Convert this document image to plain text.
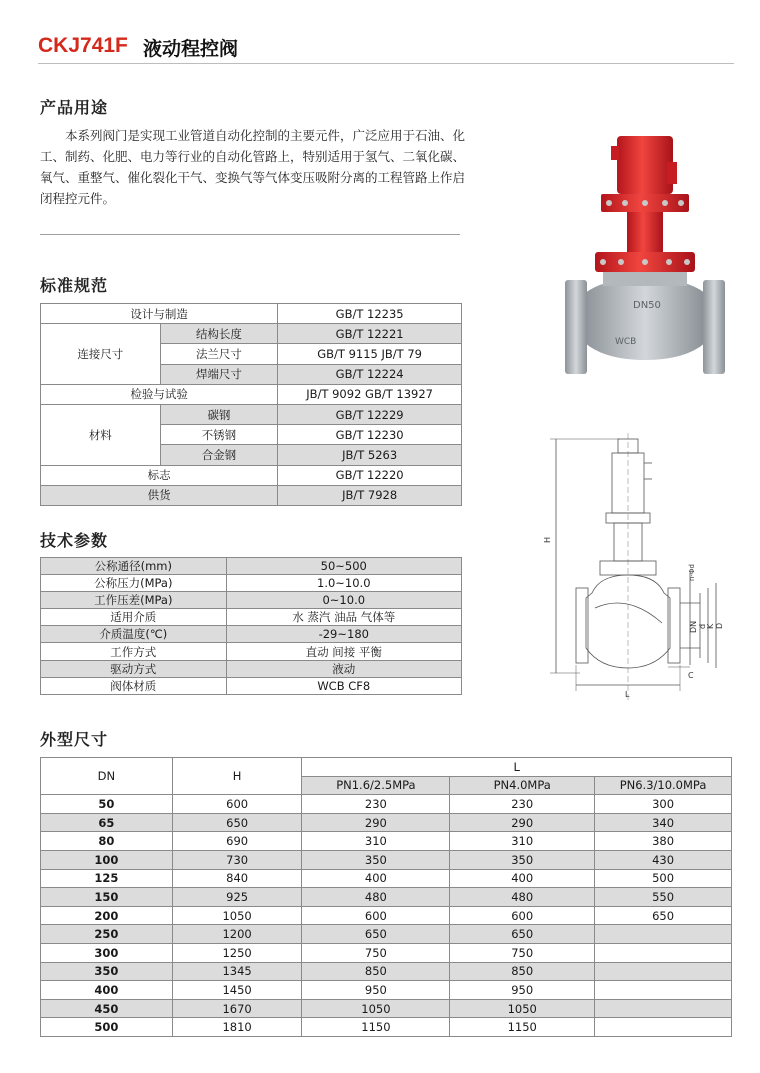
CKJ741F 液动程控阀
产品用途

本系列阀门是实现工业管道自动化控制的主要元件，广泛应用于石油、化工、制药、化肥、电力等行业的自动化管路上，特别适用于氢气、二氧化碳、氧气、重整气、催化裂化干气、变换气等气体变压吸附分离的工程管路上作启闭程控元件。

标准规范
设计与制造		GB/T 12235
连接尺寸	结构长度	GB/T 12221
	法兰尺寸	GB/T 9115 JB/T 79
	焊端尺寸	GB/T 12224
检验与试验		JB/T 9092 GB/T 13927
材料	碳钢	GB/T 12229
	不锈钢	GB/T 12230
	合金钢	JB/T 5263
标志		GB/T 12220
供货		JB/T 7928
技术参数
公称通径(mm)	50~500
公称压力(MPa)	1.0~10.0
工作压差(MPa)	0~10.0
适用介质	水 蒸汽 油品 气体等
介质温度(℃)	-29~180
工作方式	直动 间接 平衡
驱动方式	液动
阀体材质	WCB CF8
外型尺寸
DN	H	L		
		PN1.6/2.5MPa	PN4.0MPa	PN6.3/10.0MPa
50	600	230	230	300
65	650	290	290	340
80	690	310	310	380
100	730	350	350	430
125	840	400	400	500
150	925	480	480	550
200	1050	600	600	650
250	1200	650	650	
300	1250	750	750	
350	1345	850	850	
400	1450	950	950	
450	1670	1050	1050	
500	1810	1150	1150	
DN50
WCB
H
L
C
n-Φd
DN d K D
